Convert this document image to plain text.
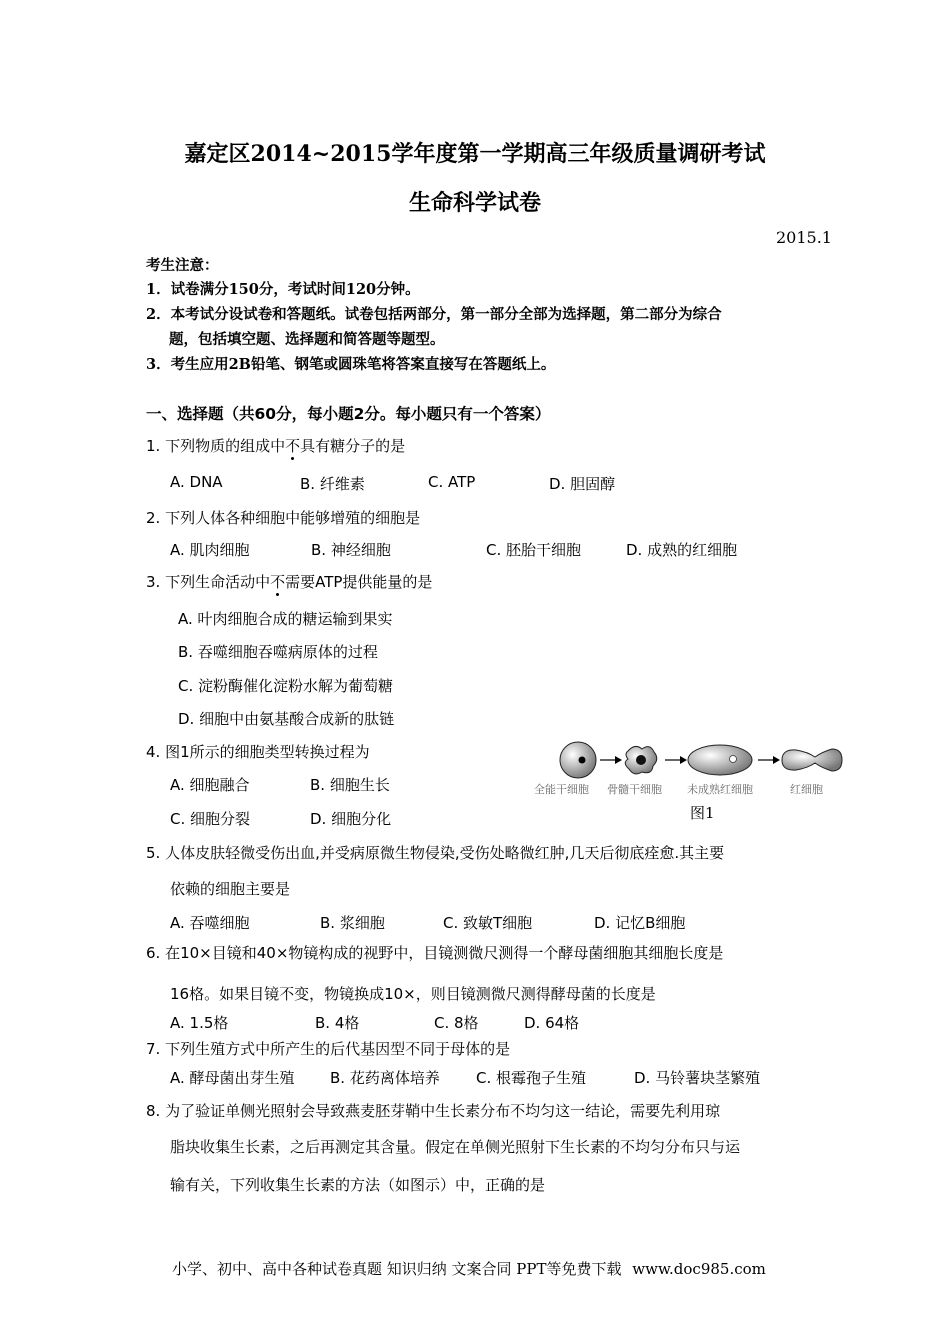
嘉定区2014~2015学年度第一学期高三年级质量调研考试
生命科学试卷
2015.1
考生注意：
1．试卷满分150分，考试时间120分钟。
2．本考试分设试卷和答题纸。试卷包括两部分，第一部分全部为选择题，第二部分为综合
题，包括填空题、选择题和简答题等题型。
3．考生应用2B铅笔、钢笔或圆珠笔将答案直接写在答题纸上。
一、选择题（共60分，每小题2分。每小题只有一个答案）
1. 下列物质的组成中不具有糖分子的是
A. DNA	B. 纤维素	C. ATP	D. 胆固醇
2. 下列人体各种细胞中能够增殖的细胞是
A. 肌肉细胞	B. 神经细胞	C. 胚胎干细胞	D. 成熟的红细胞
3. 下列生命活动中不需要ATP提供能量的是
A. 叶肉细胞合成的糖运输到果实
B. 吞噬细胞吞噬病原体的过程
C. 淀粉酶催化淀粉水解为葡萄糖
D. 细胞中由氨基酸合成新的肽链
4. 图1所示的细胞类型转换过程为
A. 细胞融合	B. 细胞生长
C. 细胞分裂	D. 细胞分化
全能干细胞 骨髓干细胞 未成熟红细胞	红细胞
图1
5. 人体皮肤轻微受伤出血,并受病原微生物侵染,受伤处略微红肿,几天后彻底痊愈.其主要
依赖的细胞主要是
A. 吞噬细胞	B. 浆细胞	C. 致敏T细胞	D. 记忆B细胞
6. 在10×目镜和40×物镜构成的视野中，目镜测微尺测得一个酵母菌细胞其细胞长度是
16格。如果目镜不变，物镜换成10×，则目镜测微尺测得酵母菌的长度是
A. 1.5格	B. 4格	C. 8格	D. 64格
7. 下列生殖方式中所产生的后代基因型不同于母体的是
A. 酵母菌出芽生殖 B. 花药离体培养 C. 根霉孢子生殖	D. 马铃薯块茎繁殖
8. 为了验证单侧光照射会导致燕麦胚芽鞘中生长素分布不均匀这一结论，需要先利用琼
脂块收集生长素，之后再测定其含量。假定在单侧光照射下生长素的不均匀分布只与运
输有关，下列收集生长素的方法（如图示）中，正确的是
小学、初中、高中各种试卷真题 知识归纳 文案合同 PPT等免费下载 www.doc985.com
